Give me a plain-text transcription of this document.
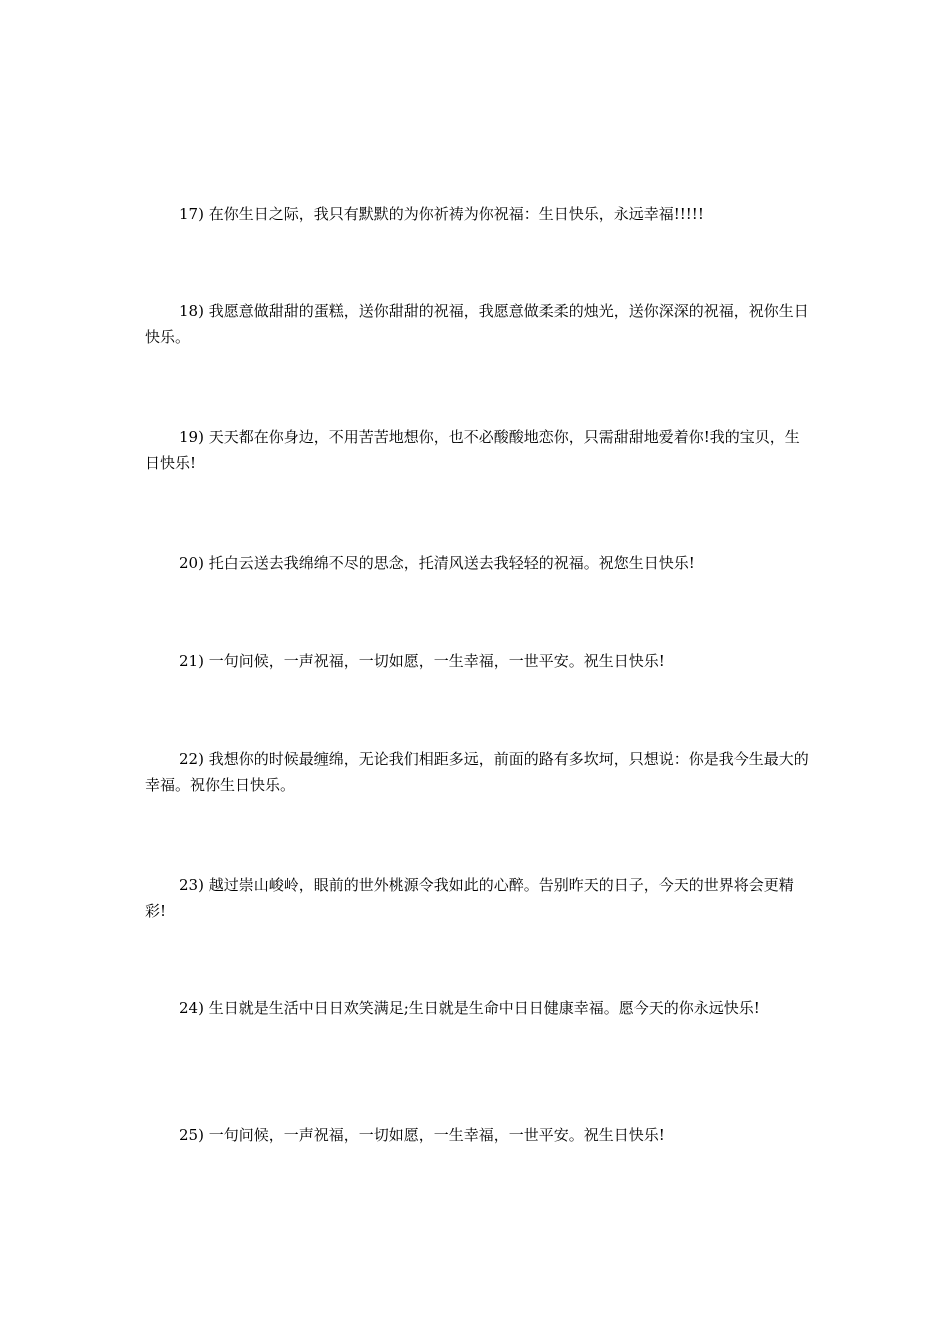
17) 在你生日之际，我只有默默的为你祈祷为你祝福：生日快乐，永远幸福!!!!!

18) 我愿意做甜甜的蛋糕，送你甜甜的祝福，我愿意做柔柔的烛光，送你深深的祝福，祝你生日快乐。

19) 天天都在你身边，不用苦苦地想你，也不必酸酸地恋你，只需甜甜地爱着你!我的宝贝，生日快乐!

20) 托白云送去我绵绵不尽的思念，托清风送去我轻轻的祝福。祝您生日快乐!

21) 一句问候，一声祝福，一切如愿，一生幸福，一世平安。祝生日快乐!

22) 我想你的时候最缠绵，无论我们相距多远，前面的路有多坎坷，只想说：你是我今生最大的幸福。祝你生日快乐。

23) 越过崇山峻岭，眼前的世外桃源令我如此的心醉。告别昨天的日子，今天的世界将会更精彩!

24) 生日就是生活中日日欢笑满足;生日就是生命中日日健康幸福。愿今天的你永远快乐!

25) 一句问候，一声祝福，一切如愿，一生幸福，一世平安。祝生日快乐!
